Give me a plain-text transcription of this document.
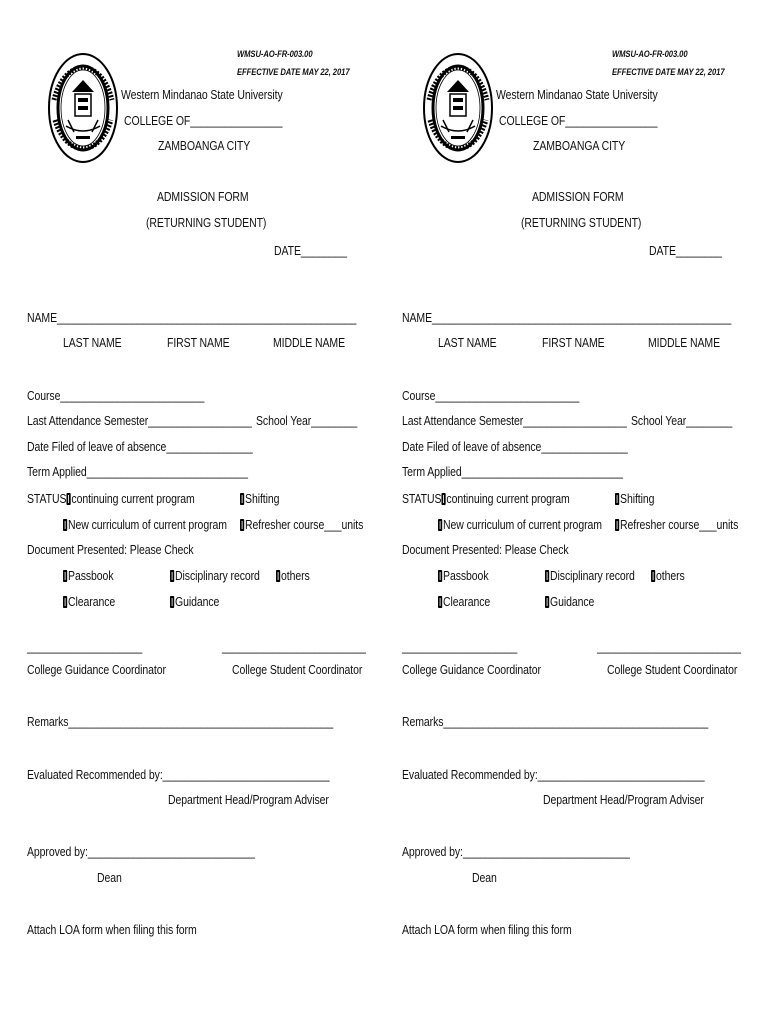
WMSU-AO-FR-003.00
EFFECTIVE DATE MAY 22, 2017
Western Mindanao State University
COLLEGE OF________________
ZAMBOANGA CITY
ADMISSION FORM
(RETURNING STUDENT)
DATE________
NAME____________________________________________________
LAST NAME	FIRST NAME	MIDDLE NAME
Course_________________________
Last Attendance Semester__________________ School Year________
Date Filed of leave of absence_______________
Term Applied____________________________
STATUS continuing current program	Shifting
New curriculum of current program	Refresher course___units
Document Presented: Please Check
Passbook	Disciplinary record	others
Clearance	Guidance
____________________	_________________________
College Guidance Coordinator	College Student Coordinator
Remarks______________________________________________
Evaluated Recommended by:_____________________________
Department Head/Program Adviser
Approved by:_____________________________
Dean
Attach LOA form when filing this form
WMSU-AO-FR-003.00
EFFECTIVE DATE MAY 22, 2017
Western Mindanao State University
COLLEGE OF________________
ZAMBOANGA CITY
ADMISSION FORM
(RETURNING STUDENT)
DATE________
NAME____________________________________________________
LAST NAME	FIRST NAME	MIDDLE NAME
Course_________________________
Last Attendance Semester__________________ School Year________
Date Filed of leave of absence_______________
Term Applied____________________________
STATUS continuing current program	Shifting
New curriculum of current program	Refresher course___units
Document Presented: Please Check
Passbook	Disciplinary record	others
Clearance	Guidance
____________________	_________________________
College Guidance Coordinator	College Student Coordinator
Remarks______________________________________________
Evaluated Recommended by:_____________________________
Department Head/Program Adviser
Approved by:_____________________________
Dean
Attach LOA form when filing this form
